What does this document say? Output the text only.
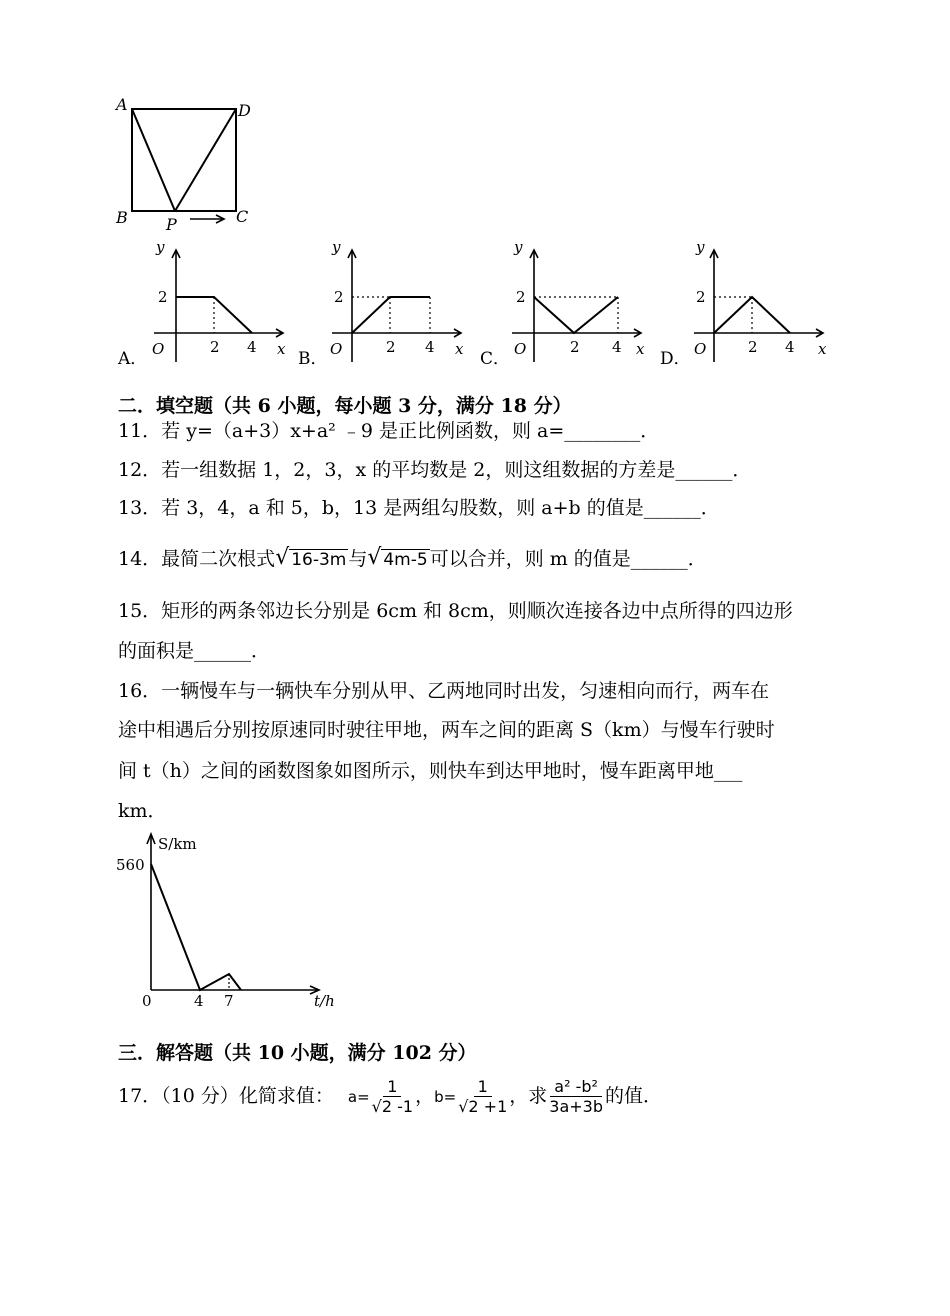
A	D
B P	C
A．
y
2
O	2 4 x B．
y
2
O	2 4 x C．
y
2
O	2 4 x D．
y
2
O	2 4 x
二．填空题（共 6 小题，每小题 3 分，满分 18 分）
11．若 y=（a+3）x+a² ﹣9 是正比例函数，则 a=________．
12．若一组数据 1，2，3，x 的平均数是 2，则这组数据的方差是______．
13．若 3，4，a 和 5，b，13 是两组勾股数，则 a+b 的值是______．
14．最简二次根式 √ 16-3m 与 √ 4m-5 可以合并，则 m 的值是______．
15．矩形的两条邻边长分别是 6cm 和 8cm，则顺次连接各边中点所得的四边形
的面积是______．
16．一辆慢车与一辆快车分别从甲、乙两地同时出发，匀速相向而行，两车在
途中相遇后分别按原速同时驶往甲地，两车之间的距离 S（km）与慢车行驶时
间 t（h）之间的函数图象如图所示，则快车到达甲地时，慢车距离甲地___
km．
S/km
560
0	4 7	t/h
三．解答题（共 10 小题，满分 102 分）
17．（10 分）化简求值： $a= \frac{1}{√2 -1}$ ， $b= \frac{1}{√2 +1}$ ，求 $\frac{\text{a² -b²}}{3a+3b}$ 的值．
